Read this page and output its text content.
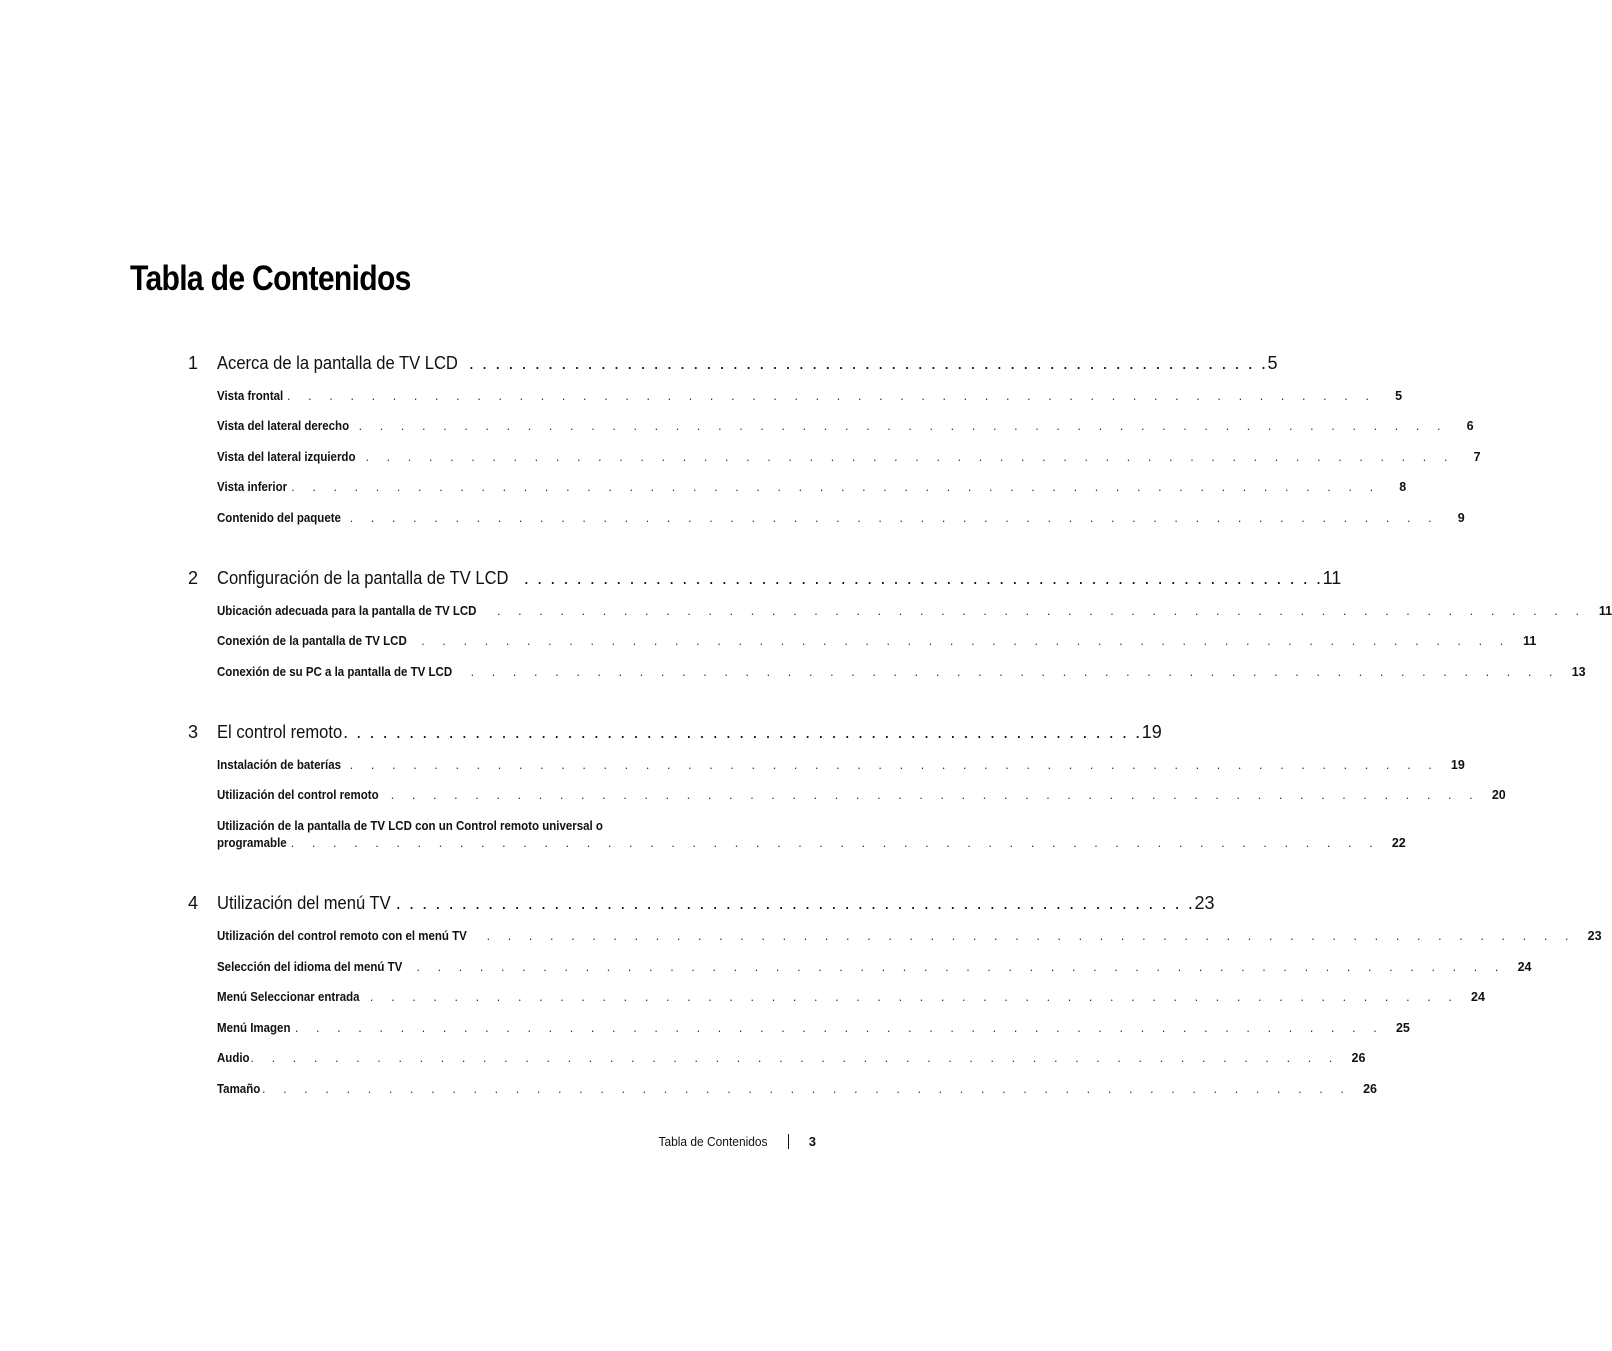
Tabla de Contenidos
1 Acerca de la pantalla de TV LCD . . . . . . . . . . . . . . . . . . . . . . . . . . . . . . . . . . . . . . . . . . . . . . . . . . . . . . . . . . . . . 5
Vista frontal . . . . . . . . . . . . . . . . . . . . . . . . . . . . . . . . . . . . . . . . . . . . . . . . . . . .	5
Vista del lateral derecho . . . . . . . . . . . . . . . . . . . . . . . . . . . . . . . . . . . . . . . . . . . . . . . . . . . .	6
Vista del lateral izquierdo . . . . . . . . . . . . . . . . . . . . . . . . . . . . . . . . . . . . . . . . . . . . . . . . . . . .	7
Vista inferior . . . . . . . . . . . . . . . . . . . . . . . . . . . . . . . . . . . . . . . . . . . . . . . . . . . .	8
Contenido del paquete . . . . . . . . . . . . . . . . . . . . . . . . . . . . . . . . . . . . . . . . . . . . . . . . . . . .	9
2 Configuración de la pantalla de TV LCD . . . . . . . . . . . . . . . . . . . . . . . . . . . . . . . . . . . . . . . . . . . . . . . . . . . . . . . . . . . . . 11
Ubicación adecuada para la pantalla de TV LCD	. . . . . . . . . . . . . . . . . . . . . . . . . . . . . . . . . . . . . . . . . . . . . . . . . . . .	11
Conexión de la pantalla de TV LCD	. . . . . . . . . . . . . . . . . . . . . . . . . . . . . . . . . . . . . . . . . . . . . . . . . . . .	11
Conexión de su PC a la pantalla de TV LCD	. . . . . . . . . . . . . . . . . . . . . . . . . . . . . . . . . . . . . . . . . . . . . . . . . . . . 13
3 El control remoto . . . . . . . . . . . . . . . . . . . . . . . . . . . . . . . . . . . . . . . . . . . . . . . . . . . . . . . . . . . . . 19
Instalación de baterías . . . . . . . . . . . . . . . . . . . . . . . . . . . . . . . . . . . . . . . . . . . . . . . . . . . . 19
Utilización del control remoto . . . . . . . . . . . . . . . . . . . . . . . . . . . . . . . . . . . . . . . . . . . . . . . . . . . . 20
Utilización de la pantalla de TV LCD con un Control remoto universal o
programable . . . . . . . . . . . . . . . . . . . . . . . . . . . . . . . . . . . . . . . . . . . . . . . . . . . . 22
4 Utilización del menú TV . . . . . . . . . . . . . . . . . . . . . . . . . . . . . . . . . . . . . . . . . . . . . . . . . . . . . . . . . . . . . 23
Utilización del control remoto con el menú TV	. . . . . . . . . . . . . . . . . . . . . . . . . . . . . . . . . . . . . . . . . . . . . . . . . . . . 23
Selección del idioma del menú TV	. . . . . . . . . . . . . . . . . . . . . . . . . . . . . . . . . . . . . . . . . . . . . . . . . . . . 24
Menú Seleccionar entrada . . . . . . . . . . . . . . . . . . . . . . . . . . . . . . . . . . . . . . . . . . . . . . . . . . . . 24
Menú Imagen . . . . . . . . . . . . . . . . . . . . . . . . . . . . . . . . . . . . . . . . . . . . . . . . . . . . 25
Audio . . . . . . . . . . . . . . . . . . . . . . . . . . . . . . . . . . . . . . . . . . . . . . . . . . . . 26
Tamaño . . . . . . . . . . . . . . . . . . . . . . . . . . . . . . . . . . . . . . . . . . . . . . . . . . . . 26
Tabla de Contenidos	3
